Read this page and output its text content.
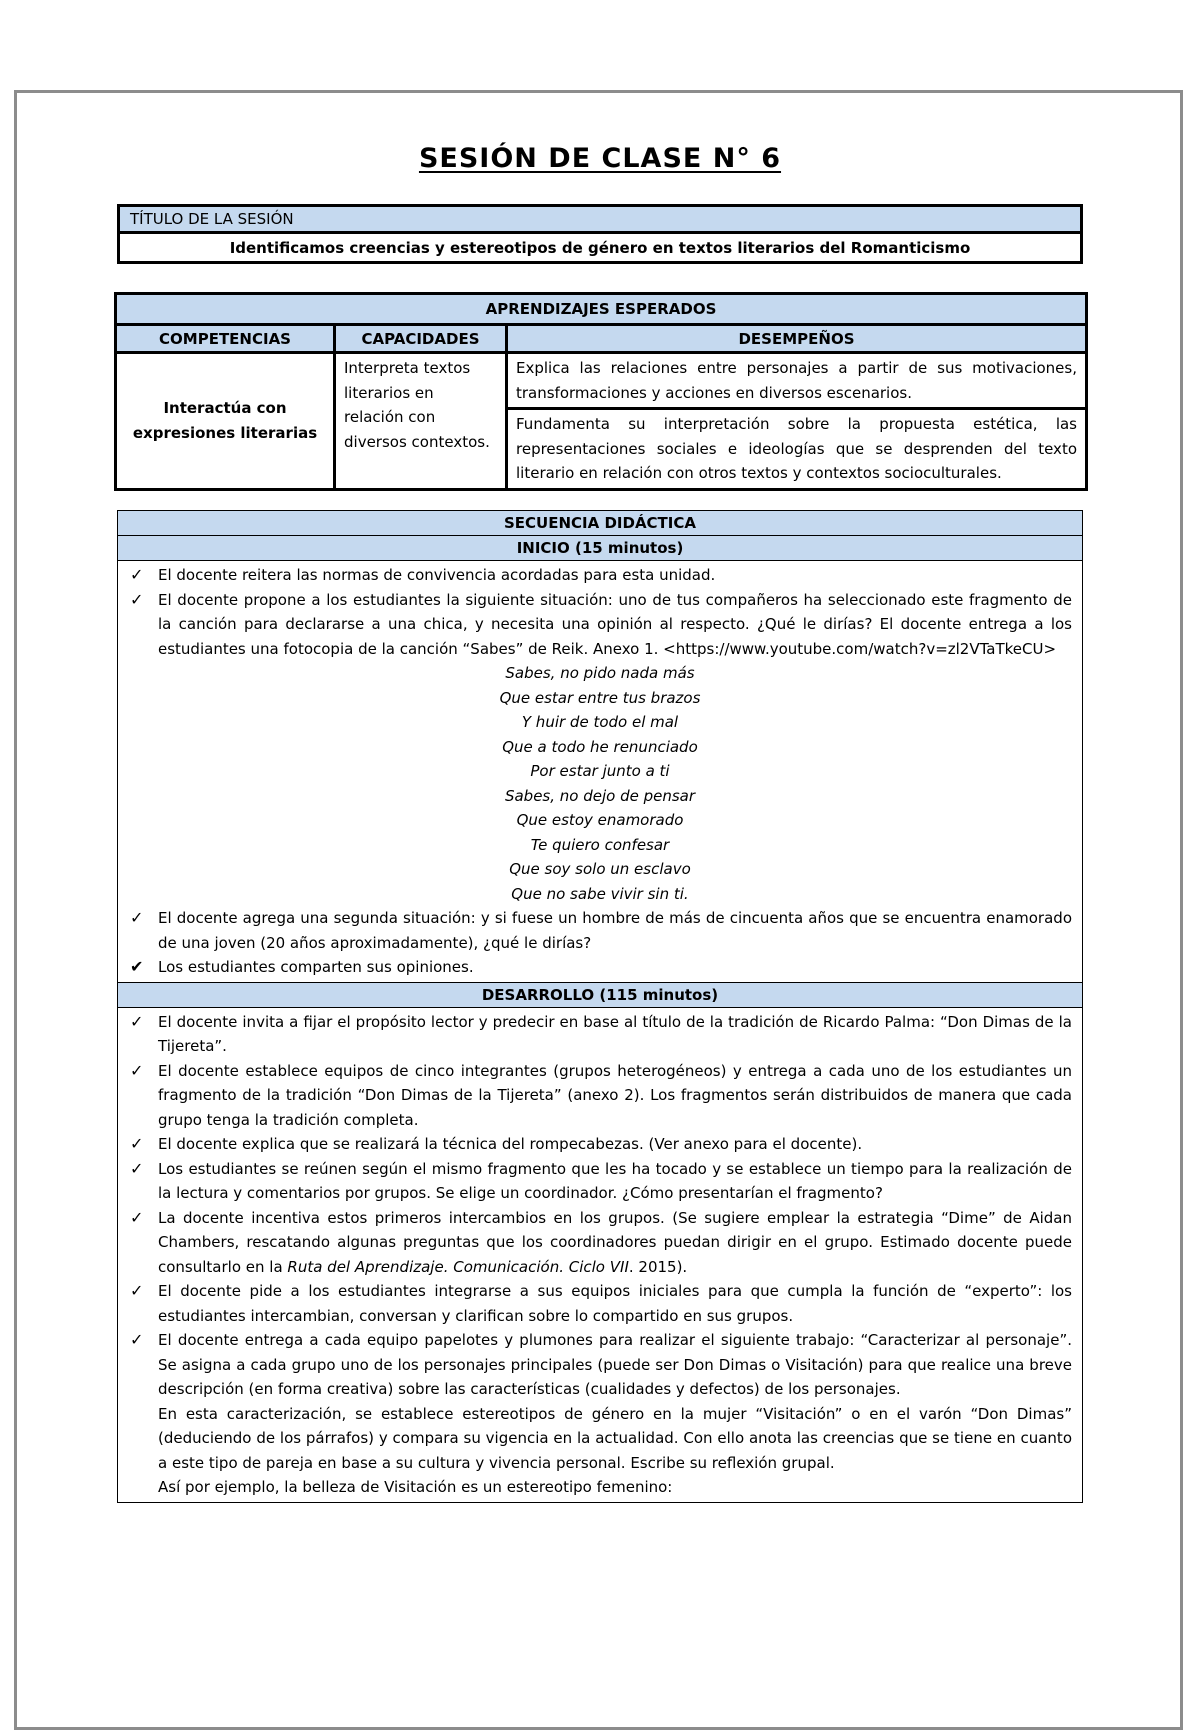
SESIÓN DE CLASE N° 6
TÍTULO DE LA SESIÓN
Identificamos creencias y estereotipos de género en textos literarios del Romanticismo
APRENDIZAJES ESPERADOS		
COMPETENCIAS	CAPACIDADES	DESEMPEÑOS
Interactúa con expresiones literarias	Interpreta textos literarios en relación con diversos contextos.	Explica las relaciones entre personajes a partir de sus motivaciones, transformaciones y acciones en diversos escenarios.
		Fundamenta su interpretación sobre la propuesta estética, las representaciones sociales e ideologías que se desprenden del texto literario en relación con otros textos y contextos socioculturales.
SECUENCIA DIDÁCTICA
INICIO (15 minutos)

✓ El docente reitera las normas de convivencia acordadas para esta unidad.
✓ El docente propone a los estudiantes la siguiente situación: uno de tus compañeros ha seleccionado este fragmento de la canción para declararse a una chica, y necesita una opinión al respecto. ¿Qué le dirías? El docente entrega a los estudiantes una fotocopia de la canción “Sabes” de Reik. Anexo 1. <https://www.youtube.com/watch?v=zl2VTaTkeCU>
Sabes, no pido nada más
Que estar entre tus brazos
Y huir de todo el mal
Que a todo he renunciado
Por estar junto a ti
Sabes, no dejo de pensar
Que estoy enamorado
Te quiero confesar
Que soy solo un esclavo
Que no sabe vivir sin ti.
✓ El docente agrega una segunda situación: y si fuese un hombre de más de cincuenta años que se encuentra enamorado de una joven (20 años aproximadamente), ¿qué le dirías?
✔ Los estudiantes comparten sus opiniones.

DESARROLLO (115 minutos)

✓ El docente invita a fijar el propósito lector y predecir en base al título de la tradición de Ricardo Palma: “Don Dimas de la Tijereta”.
✓ El docente establece equipos de cinco integrantes (grupos heterogéneos) y entrega a cada uno de los estudiantes un fragmento de la tradición “Don Dimas de la Tijereta” (anexo 2). Los fragmentos serán distribuidos de manera que cada grupo tenga la tradición completa.
✓ El docente explica que se realizará la técnica del rompecabezas. (Ver anexo para el docente).
✓ Los estudiantes se reúnen según el mismo fragmento que les ha tocado y se establece un tiempo para la realización de la lectura y comentarios por grupos. Se elige un coordinador. ¿Cómo presentarían el fragmento?
✓ La docente incentiva estos primeros intercambios en los grupos. (Se sugiere emplear la estrategia “Dime” de Aidan Chambers, rescatando algunas preguntas que los coordinadores puedan dirigir en el grupo. Estimado docente puede consultarlo en la Ruta del Aprendizaje. Comunicación. Ciclo VII. 2015).
✓ El docente pide a los estudiantes integrarse a sus equipos iniciales para que cumpla la función de “experto”: los estudiantes intercambian, conversan y clarifican sobre lo compartido en sus grupos.
✓ El docente entrega a cada equipo papelotes y plumones para realizar el siguiente trabajo: “Caracterizar al personaje”. Se asigna a cada grupo uno de los personajes principales (puede ser Don Dimas o Visitación) para que realice una breve descripción (en forma creativa) sobre las características (cualidades y defectos) de los personajes.
En esta caracterización, se establece estereotipos de género en la mujer “Visitación” o en el varón “Don Dimas” (deduciendo de los párrafos) y compara su vigencia en la actualidad. Con ello anota las creencias que se tiene en cuanto a este tipo de pareja en base a su cultura y vivencia personal. Escribe su reflexión grupal.
Así por ejemplo, la belleza de Visitación es un estereotipo femenino:
